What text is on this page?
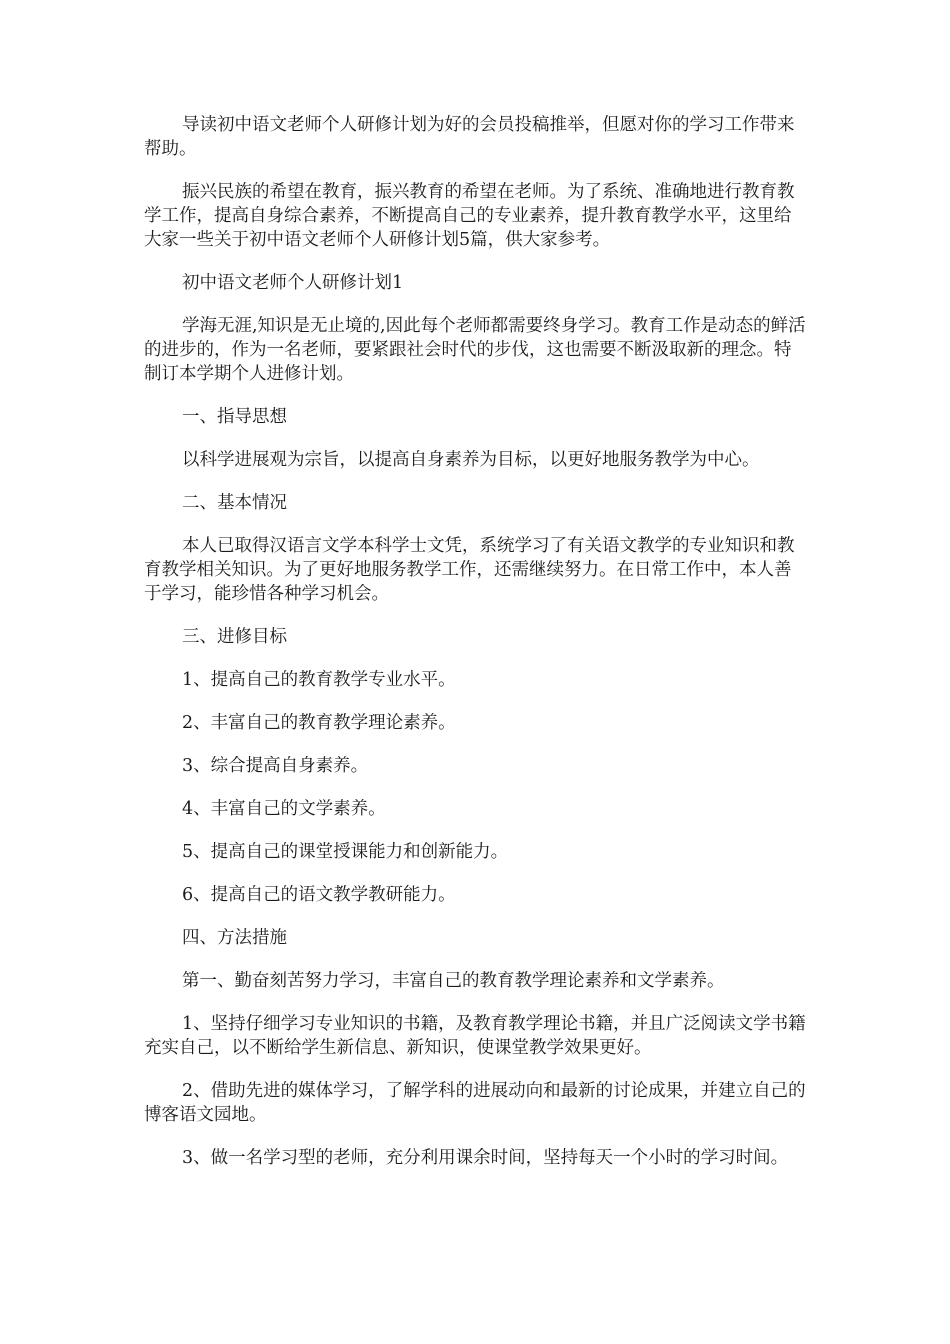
导读初中语文老师个人研修计划为好的会员投稿推举，但愿对你的学习工作带来帮助。

振兴民族的希望在教育，振兴教育的希望在老师。为了系统、准确地进行教育教学工作，提高自身综合素养，不断提高自己的专业素养，提升教育教学水平，这里给大家一些关于初中语文老师个人研修计划5篇，供大家参考。

初中语文老师个人研修计划1

学海无涯,知识是无止境的,因此每个老师都需要终身学习。教育工作是动态的鲜活的进步的，作为一名老师，要紧跟社会时代的步伐，这也需要不断汲取新的理念。特制订本学期个人进修计划。

一、指导思想

以科学进展观为宗旨，以提高自身素养为目标，以更好地服务教学为中心。

二、基本情况

本人已取得汉语言文学本科学士文凭，系统学习了有关语文教学的专业知识和教育教学相关知识。为了更好地服务教学工作，还需继续努力。在日常工作中，本人善于学习，能珍惜各种学习机会。

三、进修目标

1、提高自己的教育教学专业水平。

2、丰富自己的教育教学理论素养。

3、综合提高自身素养。

4、丰富自己的文学素养。

5、提高自己的课堂授课能力和创新能力。

6、提高自己的语文教学教研能力。

四、方法措施

第一、勤奋刻苦努力学习，丰富自己的教育教学理论素养和文学素养。

1、坚持仔细学习专业知识的书籍，及教育教学理论书籍，并且广泛阅读文学书籍充实自己，以不断给学生新信息、新知识，使课堂教学效果更好。

2、借助先进的媒体学习，了解学科的进展动向和最新的讨论成果，并建立自己的博客语文园地。

3、做一名学习型的老师，充分利用课余时间，坚持每天一个小时的学习时间。
